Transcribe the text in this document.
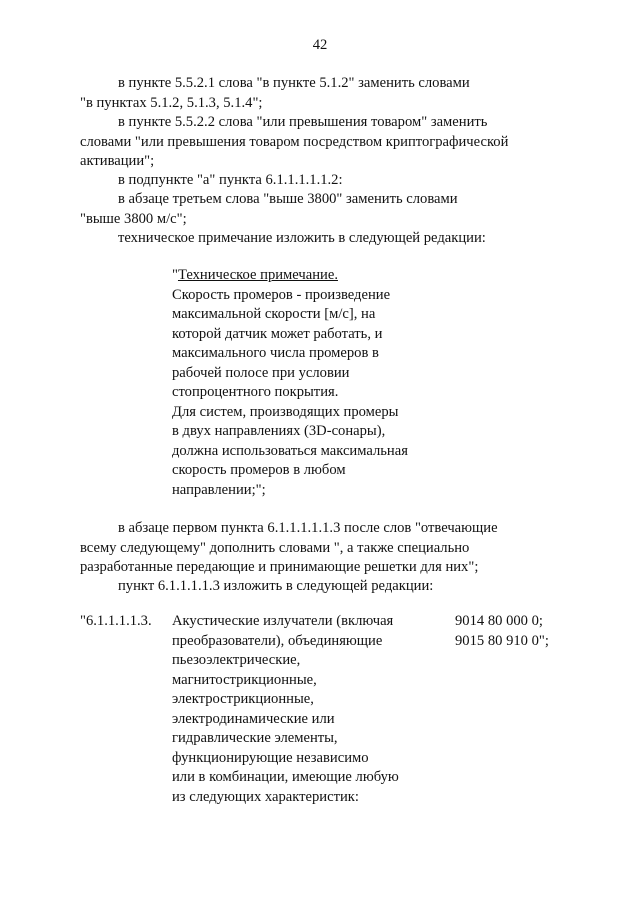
42

в пункте 5.5.2.1 слова "в пункте 5.1.2" заменить словами

"в пунктах 5.1.2, 5.1.3, 5.1.4";

в пункте 5.5.2.2 слова "или превышения товаром" заменить

словами "или превышения товаром посредством криптографической

активации";

в подпункте "а" пункта 6.1.1.1.1.1.2:

в абзаце третьем слова "выше 3800" заменить словами

"выше 3800 м/с";

техническое примечание изложить в следующей редакции:

"Техническое примечание.
Скорость промеров - произведение
максимальной скорости [м/с], на
которой датчик может работать, и
максимального числа промеров в
рабочей полосе при условии
стопроцентного покрытия.
Для систем, производящих промеры
в двух направлениях (3D-сонары),
должна использоваться максимальная
скорость промеров в любом
направлении;";

в абзаце первом пункта 6.1.1.1.1.1.3 после слов "отвечающие

всему следующему" дополнить словами ", а также специально

разработанные передающие и принимающие решетки для них";

пункт 6.1.1.1.1.3 изложить в следующей редакции:

"6.1.1.1.1.3. Акустические излучатели (включая
преобразователи), объединяющие
пьезоэлектрические,
магнитострикционные,
электрострикционные,
электродинамические или
гидравлические элементы,
функционирующие независимо
или в комбинации, имеющие любую
из следующих характеристик:
9014 80 000 0;
9015 80 910 0";
